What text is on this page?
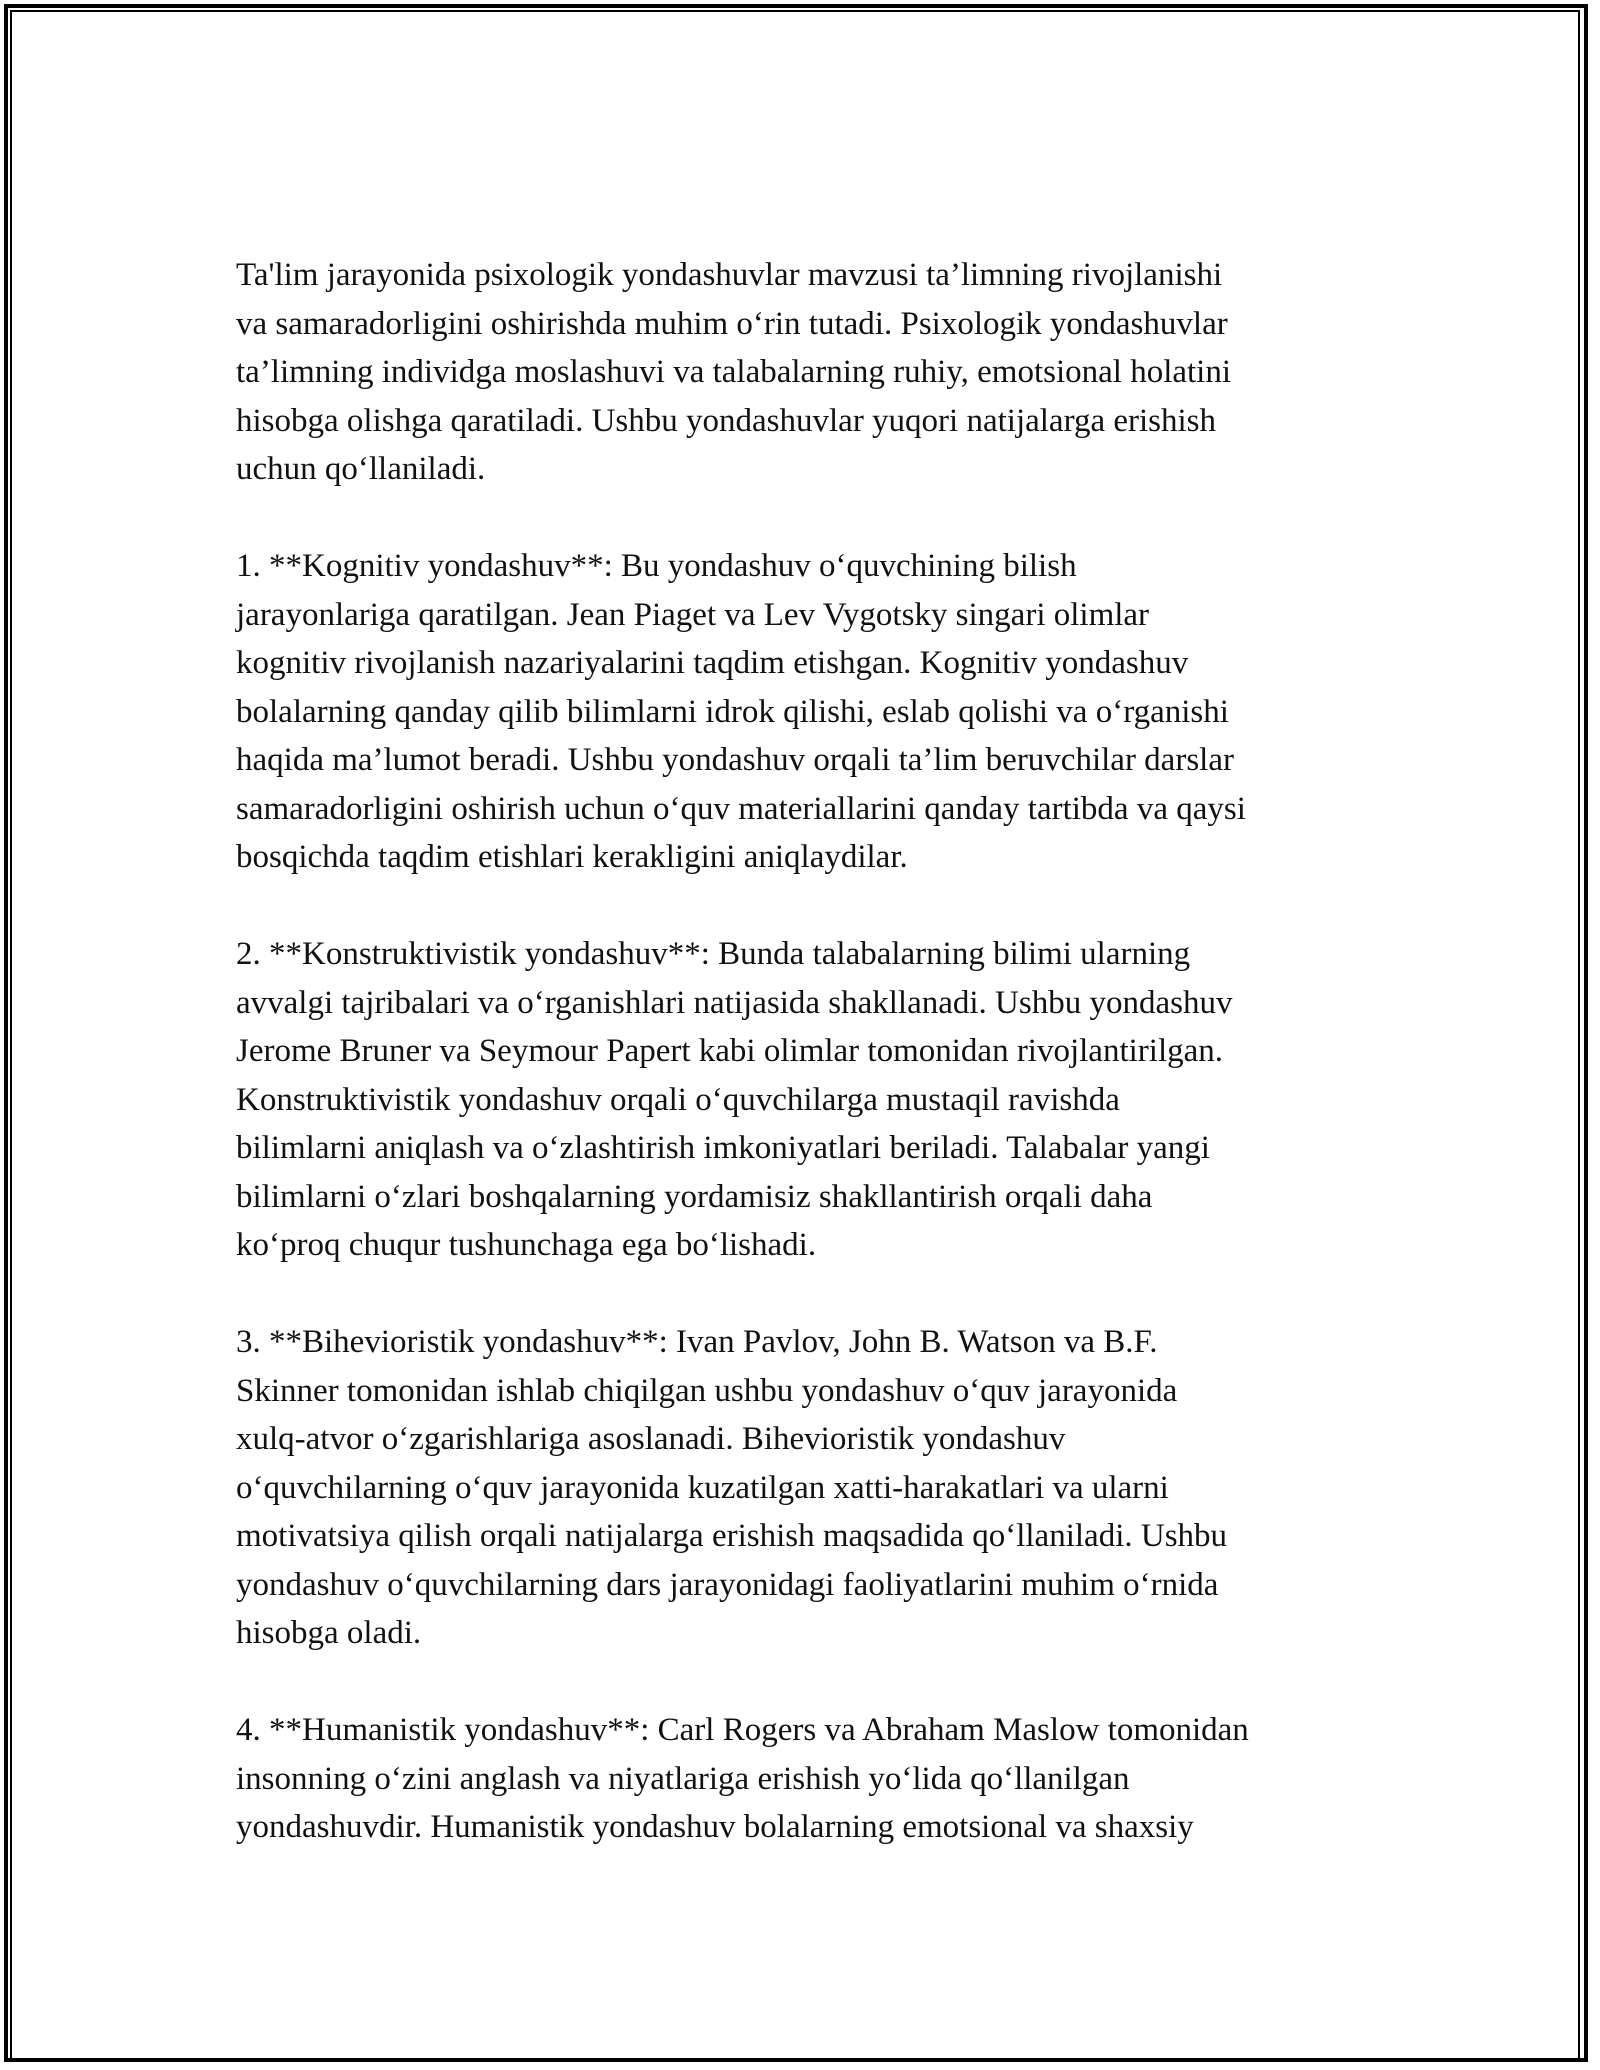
Ta'lim jarayonida psixologik yondashuvlar mavzusi ta’limning rivojlanishi
va samaradorligini oshirishda muhim o‘rin tutadi. Psixologik yondashuvlar
ta’limning individga moslashuvi va talabalarning ruhiy, emotsional holatini
hisobga olishga qaratiladi. Ushbu yondashuvlar yuqori natijalarga erishish
uchun qo‘llaniladi.
1. **Kognitiv yondashuv**: Bu yondashuv o‘quvchining bilish
jarayonlariga qaratilgan. Jean Piaget va Lev Vygotsky singari olimlar
kognitiv rivojlanish nazariyalarini taqdim etishgan. Kognitiv yondashuv
bolalarning qanday qilib bilimlarni idrok qilishi, eslab qolishi va o‘rganishi
haqida ma’lumot beradi. Ushbu yondashuv orqali ta’lim beruvchilar darslar
samaradorligini oshirish uchun o‘quv materiallarini qanday tartibda va qaysi
bosqichda taqdim etishlari kerakligini aniqlaydilar.
2. **Konstruktivistik yondashuv**: Bunda talabalarning bilimi ularning
avvalgi tajribalari va o‘rganishlari natijasida shakllanadi. Ushbu yondashuv
Jerome Bruner va Seymour Papert kabi olimlar tomonidan rivojlantirilgan.
Konstruktivistik yondashuv orqali o‘quvchilarga mustaqil ravishda
bilimlarni aniqlash va o‘zlashtirish imkoniyatlari beriladi. Talabalar yangi
bilimlarni o‘zlari boshqalarning yordamisiz shakllantirish orqali daha
ko‘proq chuqur tushunchaga ega bo‘lishadi.
3. **Bihevioristik yondashuv**: Ivan Pavlov, John B. Watson va B.F.
Skinner tomonidan ishlab chiqilgan ushbu yondashuv o‘quv jarayonida
xulq-atvor o‘zgarishlariga asoslanadi. Bihevioristik yondashuv
o‘quvchilarning o‘quv jarayonida kuzatilgan xatti-harakatlari va ularni
motivatsiya qilish orqali natijalarga erishish maqsadida qo‘llaniladi. Ushbu
yondashuv o‘quvchilarning dars jarayonidagi faoliyatlarini muhim o‘rnida
hisobga oladi.
4. **Humanistik yondashuv**: Carl Rogers va Abraham Maslow tomonidan
insonning o‘zini anglash va niyatlariga erishish yo‘lida qo‘llanilgan
yondashuvdir. Humanistik yondashuv bolalarning emotsional va shaxsiy
